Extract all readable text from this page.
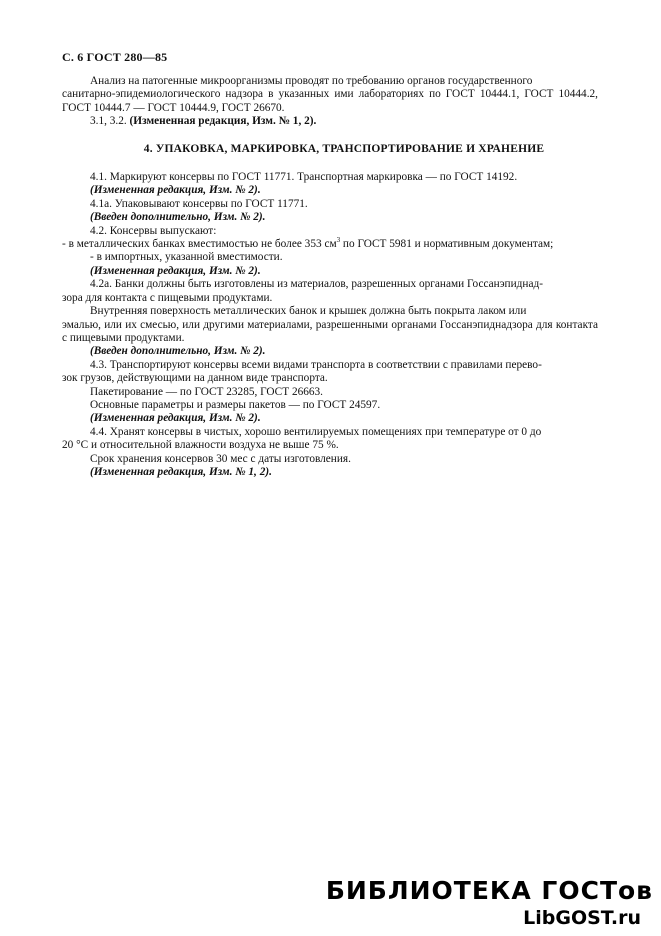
С. 6 ГОСТ 280—85

Анализ на патогенные микроорганизмы проводят по требованию органов государственного

санитарно-эпидемиологического надзора в указанных ими лабораториях по ГОСТ 10444.1, ГОСТ 10444.2, ГОСТ 10444.7 — ГОСТ 10444.9, ГОСТ 26670.

3.1, 3.2. (Измененная редакция, Изм. № 1, 2).

4. УПАКОВКА, МАРКИРОВКА, ТРАНСПОРТИРОВАНИЕ И ХРАНЕНИЕ

4.1. Маркируют консервы по ГОСТ 11771. Транспортная маркировка — по ГОСТ 14192.

(Измененная редакция, Изм. № 2).

4.1а. Упаковывают консервы по ГОСТ 11771.

(Введен дополнительно, Изм. № 2).

4.2. Консервы выпускают:

- в металлических банках вместимостью не более 353 $см^3$ по ГОСТ 5981 и нормативным документам;

- в импортных, указанной вместимости.

(Измененная редакция, Изм. № 2).

4.2а. Банки должны быть изготовлены из материалов, разрешенных органами Госсанэпиднад-

зора для контакта с пищевыми продуктами.

Внутренняя поверхность металлических банок и крышек должна быть покрыта лаком или

эмалью, или их смесью, или другими материалами, разрешенными органами Госсанэпиднадзора для контакта с пищевыми продуктами.

(Введен дополнительно, Изм. № 2).

4.3. Транспортируют консервы всеми видами транспорта в соответствии с правилами перево-

зок грузов, действующими на данном виде транспорта.

Пакетирование — по ГОСТ 23285, ГОСТ 26663.

Основные параметры и размеры пакетов — по ГОСТ 24597.

(Измененная редакция, Изм. № 2).

4.4. Хранят консервы в чистых, хорошо вентилируемых помещениях при температуре от 0 до

20 °С и относительной влажности воздуха не выше 75 %.

Срок хранения консервов 30 мес с даты изготовления.

(Измененная редакция, Изм. № 1, 2).

БИБЛИОТЕКА ГОСТов
LibGOST.ru
